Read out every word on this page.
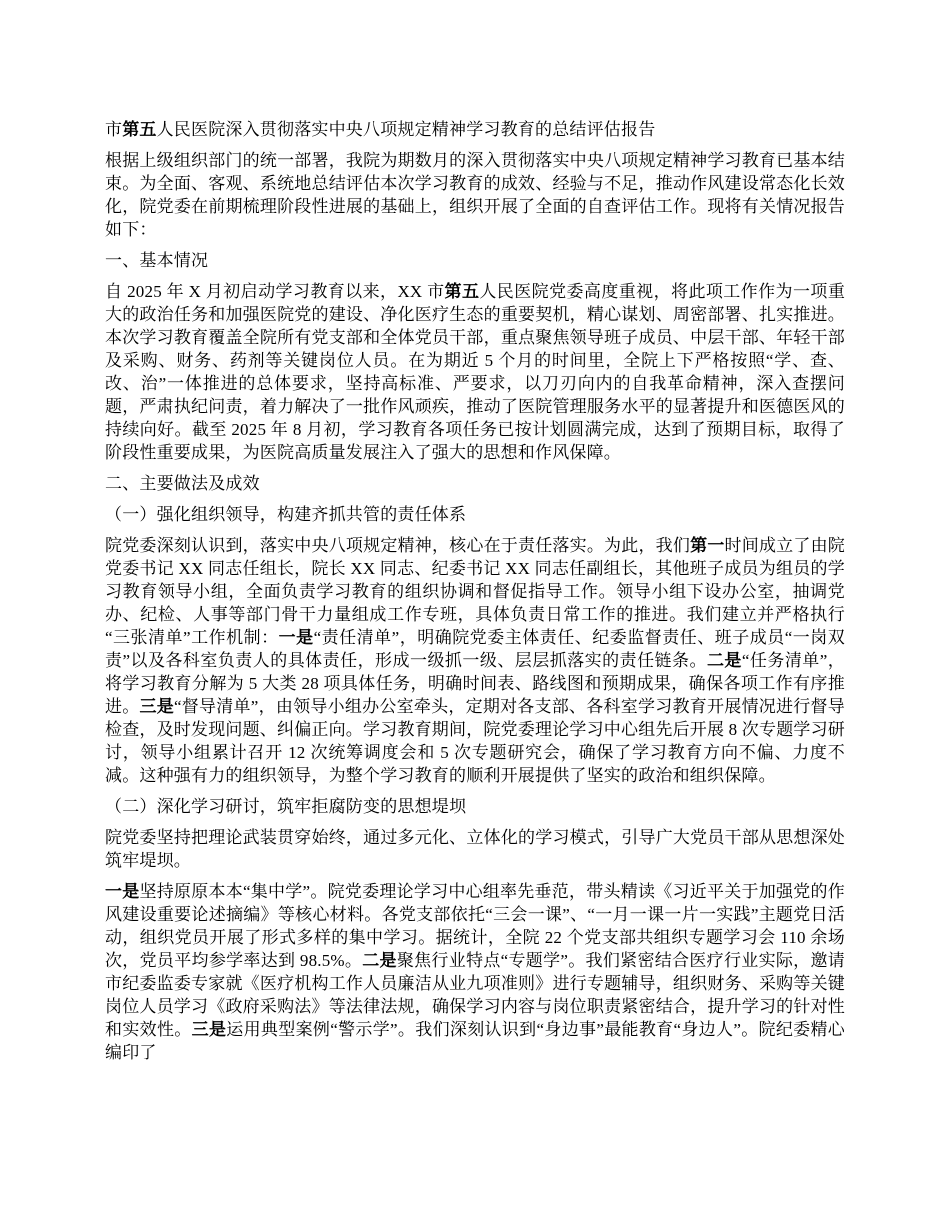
市第五人民医院深入贯彻落实中央八项规定精神学习教育的总结评估报告

根据上级组织部门的统一部署，我院为期数月的深入贯彻落实中央八项规定精神学习教育已基本结束。为全面、客观、系统地总结评估本次学习教育的成效、经验与不足，推动作风建设常态化长效化，院党委在前期梳理阶段性进展的基础上，组织开展了全面的自查评估工作。现将有关情况报告如下：

一、基本情况

自 2025 年 X 月初启动学习教育以来，XX 市第五人民医院党委高度重视，将此项工作作为一项重大的政治任务和加强医院党的建设、净化医疗生态的重要契机，精心谋划、周密部署、扎实推进。本次学习教育覆盖全院所有党支部和全体党员干部，重点聚焦领导班子成员、中层干部、年轻干部及采购、财务、药剂等关键岗位人员。在为期近 5 个月的时间里，全院上下严格按照“学、查、改、治”一体推进的总体要求，坚持高标准、严要求，以刀刃向内的自我革命精神，深入查摆问题，严肃执纪问责，着力解决了一批作风顽疾，推动了医院管理服务水平的显著提升和医德医风的持续向好。截至 2025 年 8 月初，学习教育各项任务已按计划圆满完成，达到了预期目标，取得了阶段性重要成果，为医院高质量发展注入了强大的思想和作风保障。

二、主要做法及成效

（一）强化组织领导，构建齐抓共管的责任体系

院党委深刻认识到，落实中央八项规定精神，核心在于责任落实。为此，我们第一时间成立了由院党委书记 XX 同志任组长，院长 XX 同志、纪委书记 XX 同志任副组长，其他班子成员为组员的学习教育领导小组，全面负责学习教育的组织协调和督促指导工作。领导小组下设办公室，抽调党办、纪检、人事等部门骨干力量组成工作专班，具体负责日常工作的推进。我们建立并严格执行“三张清单”工作机制：一是“责任清单”，明确院党委主体责任、纪委监督责任、班子成员“一岗双责”以及各科室负责人的具体责任，形成一级抓一级、层层抓落实的责任链条。二是“任务清单”，将学习教育分解为 5 大类 28 项具体任务，明确时间表、路线图和预期成果，确保各项工作有序推进。三是“督导清单”，由领导小组办公室牵头，定期对各支部、各科室学习教育开展情况进行督导检查，及时发现问题、纠偏正向。学习教育期间，院党委理论学习中心组先后开展 8 次专题学习研讨，领导小组累计召开 12 次统筹调度会和 5 次专题研究会，确保了学习教育方向不偏、力度不减。这种强有力的组织领导，为整个学习教育的顺利开展提供了坚实的政治和组织保障。

（二）深化学习研讨，筑牢拒腐防变的思想堤坝

院党委坚持把理论武装贯穿始终，通过多元化、立体化的学习模式，引导广大党员干部从思想深处筑牢堤坝。

一是坚持原原本本“集中学”。院党委理论学习中心组率先垂范，带头精读《习近平关于加强党的作风建设重要论述摘编》等核心材料。各党支部依托“三会一课”、“一月一课一片一实践”主题党日活动，组织党员开展了形式多样的集中学习。据统计，全院 22 个党支部共组织专题学习会 110 余场次，党员平均参学率达到 98.5%。二是聚焦行业特点“专题学”。我们紧密结合医疗行业实际，邀请市纪委监委专家就《医疗机构工作人员廉洁从业九项准则》进行专题辅导，组织财务、采购等关键岗位人员学习《政府采购法》等法律法规，确保学习内容与岗位职责紧密结合，提升学习的针对性和实效性。三是运用典型案例“警示学”。我们深刻认识到“身边事”最能教育“身边人”。院纪委精心编印了
